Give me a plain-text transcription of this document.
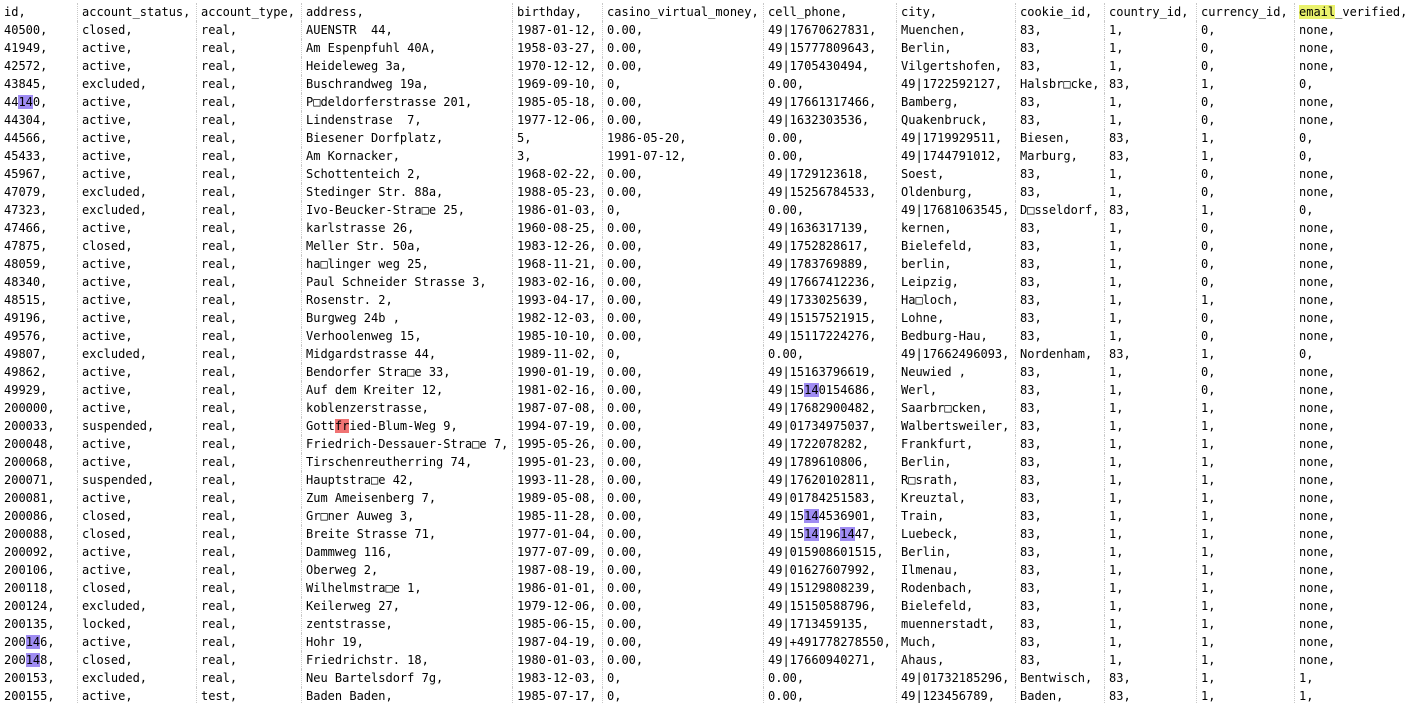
id,	account_status, account_type, address,	birthday,	casino_virtual_money, cell_phone,	city,	cookie_id,	country_id,	currency_id, email_verified,
40500,	closed,	real,	AUENSTR  44,	1987-01-12, 0.00,	49|17670627831,	Muenchen,	83,	1,	0,	none,
41949,	active,	real,	Am Espenpfuhl 40A,	1958-03-27, 0.00,	49|15777809643,	Berlin,	83,	1,	0,	none,
42572,	active,	real,	Heideleweg 3a,	1970-12-12, 0.00,	49|1705430494,	Vilgertshofen,	83,	1,	0,	none,
43845,	excluded,	real,	Buschrandweg 19a,	1969-09-10, 0,	0.00,	49|1722592127,	Halsbr□cke, 83,	1,	0,
44140,	active,	real,	P□deldorferstrasse 201,	1985-05-18, 0.00,	49|17661317466,	Bamberg,	83,	1,	0,	none,
44304,	active,	real,	Lindenstrase  7,	1977-12-06, 0.00,	49|1632303536,	Quakenbruck,	83,	1,	0,	none,
44566,	active,	real,	Biesener Dorfplatz,	5,	1986-05-20,	0.00,	49|1719929511,	Biesen,	83,	1,	0,
45433,	active,	real,	Am Kornacker,	3,	1991-07-12,	0.00,	49|1744791012,	Marburg,	83,	1,	0,
45967,	active,	real,	Schottenteich 2,	1968-02-22, 0.00,	49|1729123618,	Soest,	83,	1,	0,	none,
47079,	excluded,	real,	Stedinger Str. 88a,	1988-05-23, 0.00,	49|15256784533,	Oldenburg,	83,	1,	0,	none,
47323,	excluded,	real,	Ivo-Beucker-Stra□e 25,	1986-01-03, 0,	0.00,	49|17681063545, D□sseldorf, 83,	1,	0,
47466,	active,	real,	karlstrasse 26,	1960-08-25, 0.00,	49|1636317139,	kernen,	83,	1,	0,	none,
47875,	closed,	real,	Meller Str. 50a,	1983-12-26, 0.00,	49|1752828617,	Bielefeld,	83,	1,	0,	none,
48059,	active,	real,	ha□linger weg 25,	1968-11-21, 0.00,	49|1783769889,	berlin,	83,	1,	0,	none,
48340,	active,	real,	Paul Schneider Strasse 3,	1983-02-16, 0.00,	49|17667412236,	Leipzig,	83,	1,	0,	none,
48515,	active,	real,	Rosenstr. 2,	1993-04-17, 0.00,	49|1733025639,	Ha□loch,	83,	1,	1,	none,
49196,	active,	real,	Burgweg 24b ,	1982-12-03, 0.00,	49|15157521915,	Lohne,	83,	1,	0,	none,
49576,	active,	real,	Verhoolenweg 15,	1985-10-10, 0.00,	49|15117224276,	Bedburg-Hau,	83,	1,	0,	none,
49807,	excluded,	real,	Midgardstrasse 44,	1989-11-02, 0,	0.00,	49|17662496093, Nordenham,	83,	1,	0,
49862,	active,	real,	Bendorfer Stra□e 33,	1990-01-19, 0.00,	49|15163796619,	Neuwied ,	83,	1,	0,	none,
49929,	active,	real,	Auf dem Kreiter 12,	1981-02-16, 0.00,	49|15140154686,	Werl,	83,	1,	0,	none,
200000,	active,	real,	koblenzerstrasse,	1987-07-08, 0.00,	49|17682900482,	Saarbr□cken,	83,	1,	1,	none,
200033,	suspended,	real,	Gottfried-Blum-Weg 9,	1994-07-19, 0.00,	49|01734975037,	Walbertsweiler, 83,	1,	1,	none,
200048,	active,	real,	Friedrich-Dessauer-Stra□e 7, 1995-05-26, 0.00,	49|1722078282,	Frankfurt,	83,	1,	1,	none,
200068,	active,	real,	Tirschenreutherring 74,	1995-01-23, 0.00,	49|1789610806,	Berlin,	83,	1,	1,	none,
200071,	suspended,	real,	Hauptstra□e 42,	1993-11-28, 0.00,	49|17620102811,	R□srath,	83,	1,	1,	none,
200081,	active,	real,	Zum Ameisenberg 7,	1989-05-08, 0.00,	49|01784251583,	Kreuztal,	83,	1,	1,	none,
200086,	closed,	real,	Gr□ner Auweg 3,	1985-11-28, 0.00,	49|15144536901,	Train,	83,	1,	1,	none,
200088,	closed,	real,	Breite Strasse 71,	1977-01-04, 0.00,	49|15141961447,	Luebeck,	83,	1,	1,	none,
200092,	active,	real,	Dammweg 116,	1977-07-09, 0.00,	49|015908601515,	Berlin,	83,	1,	1,	none,
200106,	active,	real,	Oberweg 2,	1987-08-19, 0.00,	49|01627607992,	Ilmenau,	83,	1,	1,	none,
200118,	closed,	real,	Wilhelmstra□e 1,	1986-01-01, 0.00,	49|15129808239,	Rodenbach,	83,	1,	1,	none,
200124,	excluded,	real,	Keilerweg 27,	1979-12-06, 0.00,	49|15150588796,	Bielefeld,	83,	1,	1,	none,
200135,	locked,	real,	zentstrasse,	1985-06-15, 0.00,	49|1713459135,	muennerstadt,	83,	1,	1,	none,
200146,	active,	real,	Hohr 19,	1987-04-19, 0.00,	49|+491778278550, Much,	83,	1,	1,	none,
200148,	closed,	real,	Friedrichstr. 18,	1980-01-03, 0.00,	49|17660940271,	Ahaus,	83,	1,	1,	none,
200153,	excluded,	real,	Neu Bartelsdorf 7g,	1983-12-03, 0,	0.00,	49|01732185296, Bentwisch,	83,	1,	1,
200155,	active,	test,	Baden Baden,	1985-07-17, 0,	0.00,	49|123456789,	Baden,	83,	1,	1,
